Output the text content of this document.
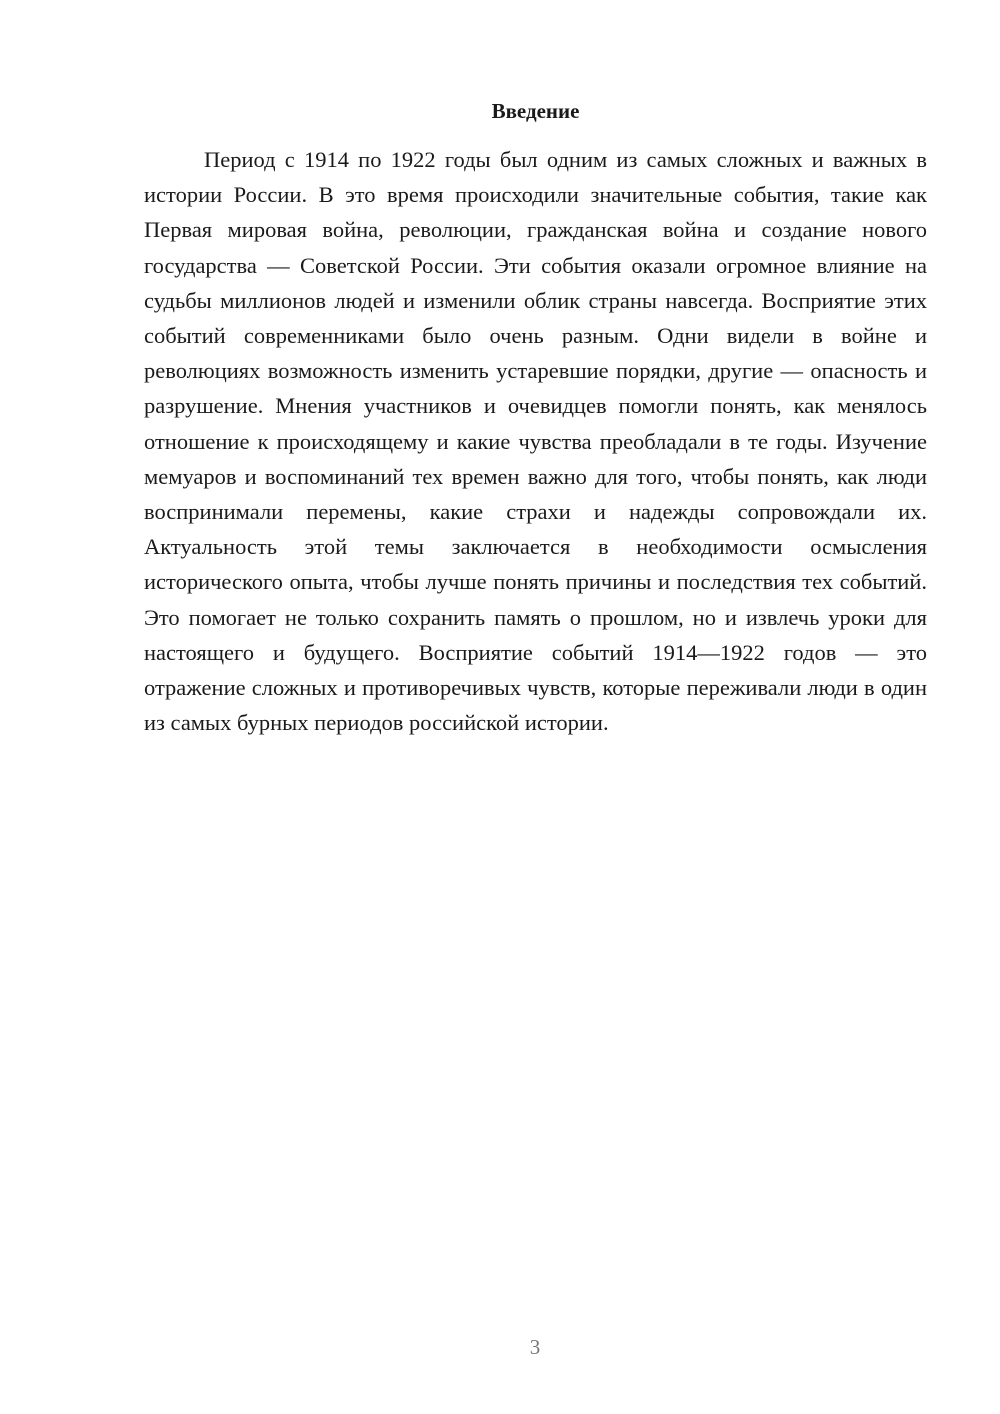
Введение

Период с 1914 по 1922 годы был одним из самых сложных и важных в истории России. В это время происходили значительные события, такие как Первая мировая война, революции, гражданская война и создание нового государства — Советской России. Эти события оказали огромное влияние на судьбы миллионов людей и изменили облик страны навсегда. Восприятие этих событий современниками было очень разным. Одни видели в войне и революциях возможность изменить устаревшие порядки, другие — опасность и разрушение. Мнения участников и очевидцев помогли понять, как менялось отношение к происходящему и какие чувства преобладали в те годы. Изучение мемуаров и воспоминаний тех времен важно для того, чтобы понять, как люди воспринимали перемены, какие страхи и надежды сопровождали их. Актуальность этой темы заключается в необходимости осмысления исторического опыта, чтобы лучше понять причины и последствия тех событий. Это помогает не только сохранить память о прошлом, но и извлечь уроки для настоящего и будущего. Восприятие событий 1914—1922 годов — это отражение сложных и противоречивых чувств, которые переживали люди в один из самых бурных периодов российской истории.

3
